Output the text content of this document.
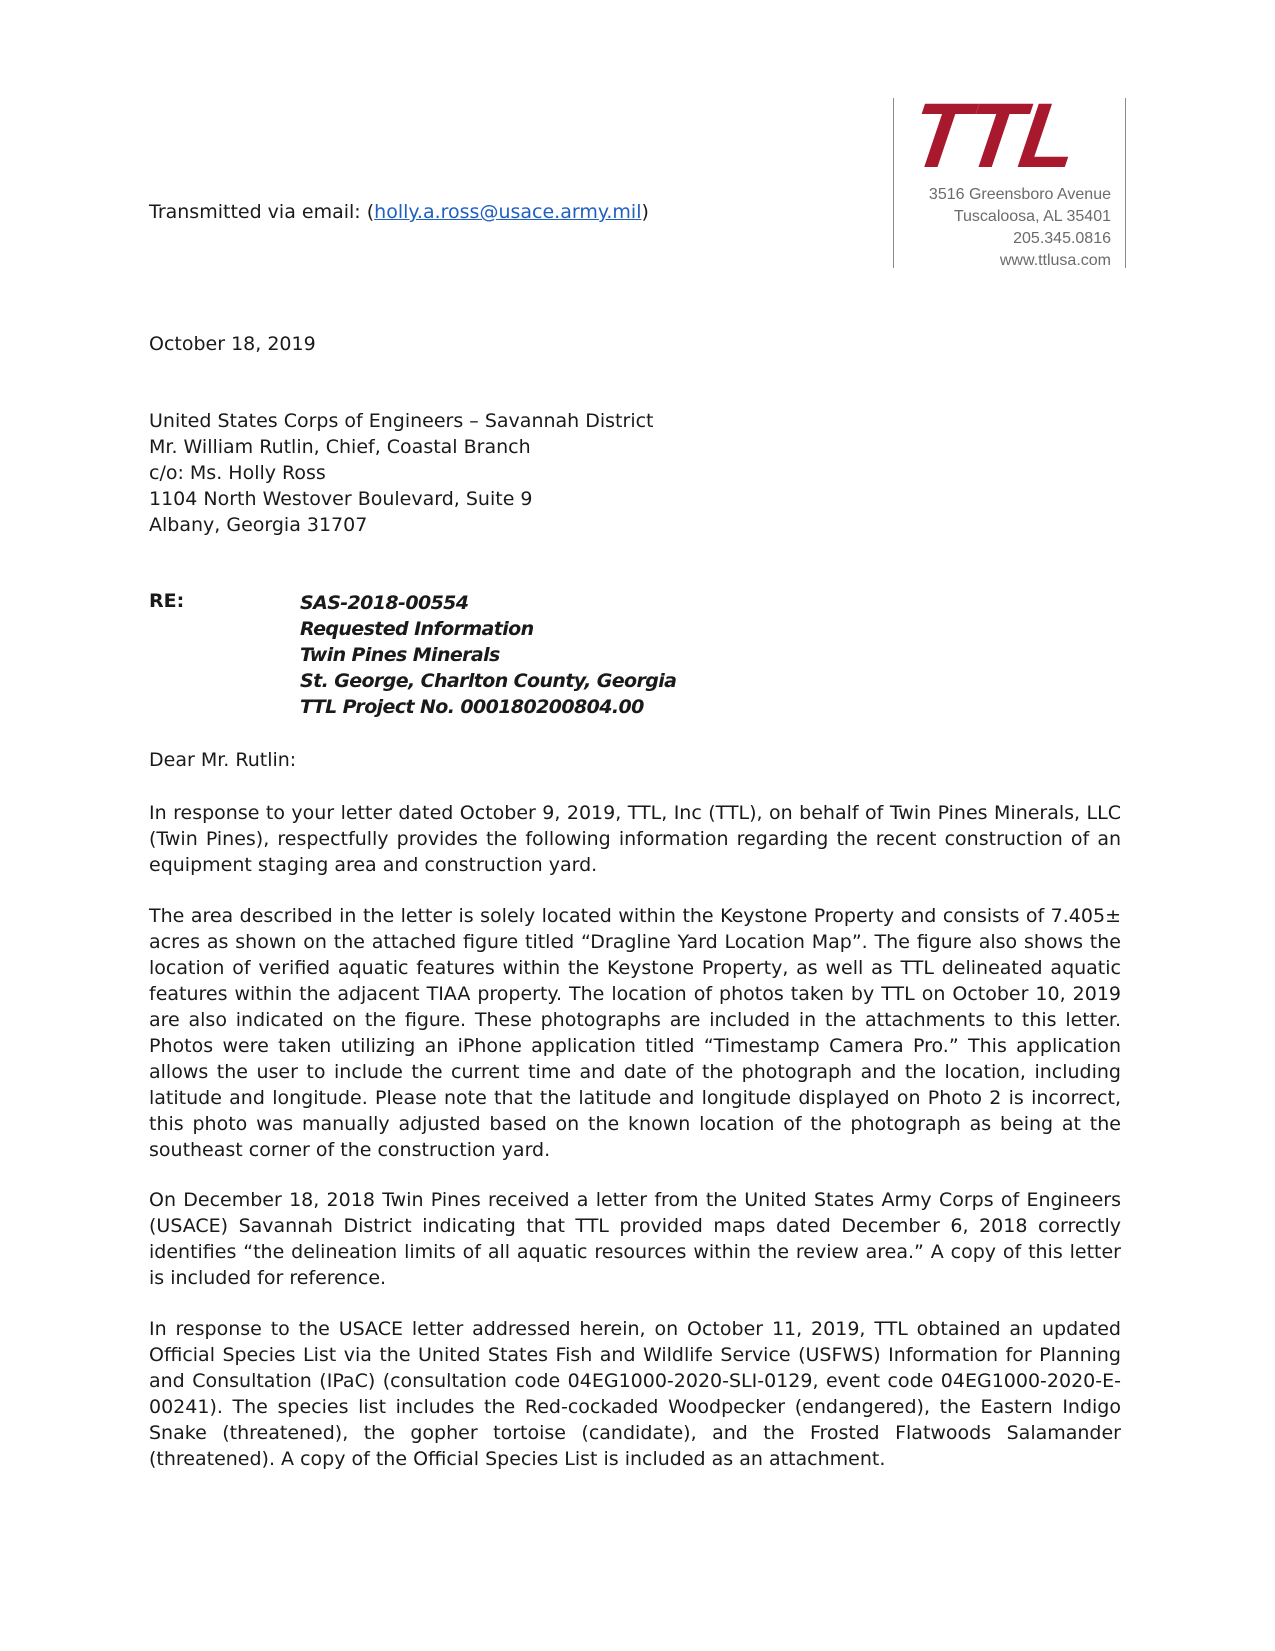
TTL
3516 Greensboro Avenue
Tuscaloosa, AL 35401
205.345.0816
www.ttlusa.com
Transmitted via email: (holly.a.ross@usace.army.mil)
October 18, 2019
United States Corps of Engineers – Savannah District
Mr. William Rutlin, Chief, Coastal Branch
c/o: Ms. Holly Ross
1104 North Westover Boulevard, Suite 9
Albany, Georgia 31707
RE:	SAS-2018-00554
Requested Information
Twin Pines Minerals
St. George, Charlton County, Georgia
TTL Project No. 000180200804.00
Dear Mr. Rutlin:
In response to your letter dated October 9, 2019, TTL, Inc (TTL), on behalf of Twin Pines Minerals, LLC (Twin Pines), respectfully provides the following information regarding the recent construction of an equipment staging area and construction yard.
The area described in the letter is solely located within the Keystone Property and consists of 7.405± acres as shown on the attached figure titled “Dragline Yard Location Map”. The figure also shows the location of verified aquatic features within the Keystone Property, as well as TTL delineated aquatic features within the adjacent TIAA property. The location of photos taken by TTL on October 10, 2019 are also indicated on the figure. These photographs are included in the attachments to this letter. Photos were taken utilizing an iPhone application titled “Timestamp Camera Pro.” This application allows the user to include the current time and date of the photograph and the location, including latitude and longitude. Please note that the latitude and longitude displayed on Photo 2 is incorrect, this photo was manually adjusted based on the known location of the photograph as being at the southeast corner of the construction yard.
On December 18, 2018 Twin Pines received a letter from the United States Army Corps of Engineers (USACE) Savannah District indicating that TTL provided maps dated December 6, 2018 correctly identifies “the delineation limits of all aquatic resources within the review area.” A copy of this letter is included for reference.
In response to the USACE letter addressed herein, on October 11, 2019, TTL obtained an updated Official Species List via the United States Fish and Wildlife Service (USFWS) Information for Planning and Consultation (IPaC) (consultation code 04EG1000-2020-SLI-0129, event code 04EG1000-2020-E-00241). The species list includes the Red-cockaded Woodpecker (endangered), the Eastern Indigo Snake (threatened), the gopher tortoise (candidate), and the Frosted Flatwoods Salamander (threatened). A copy of the Official Species List is included as an attachment.
